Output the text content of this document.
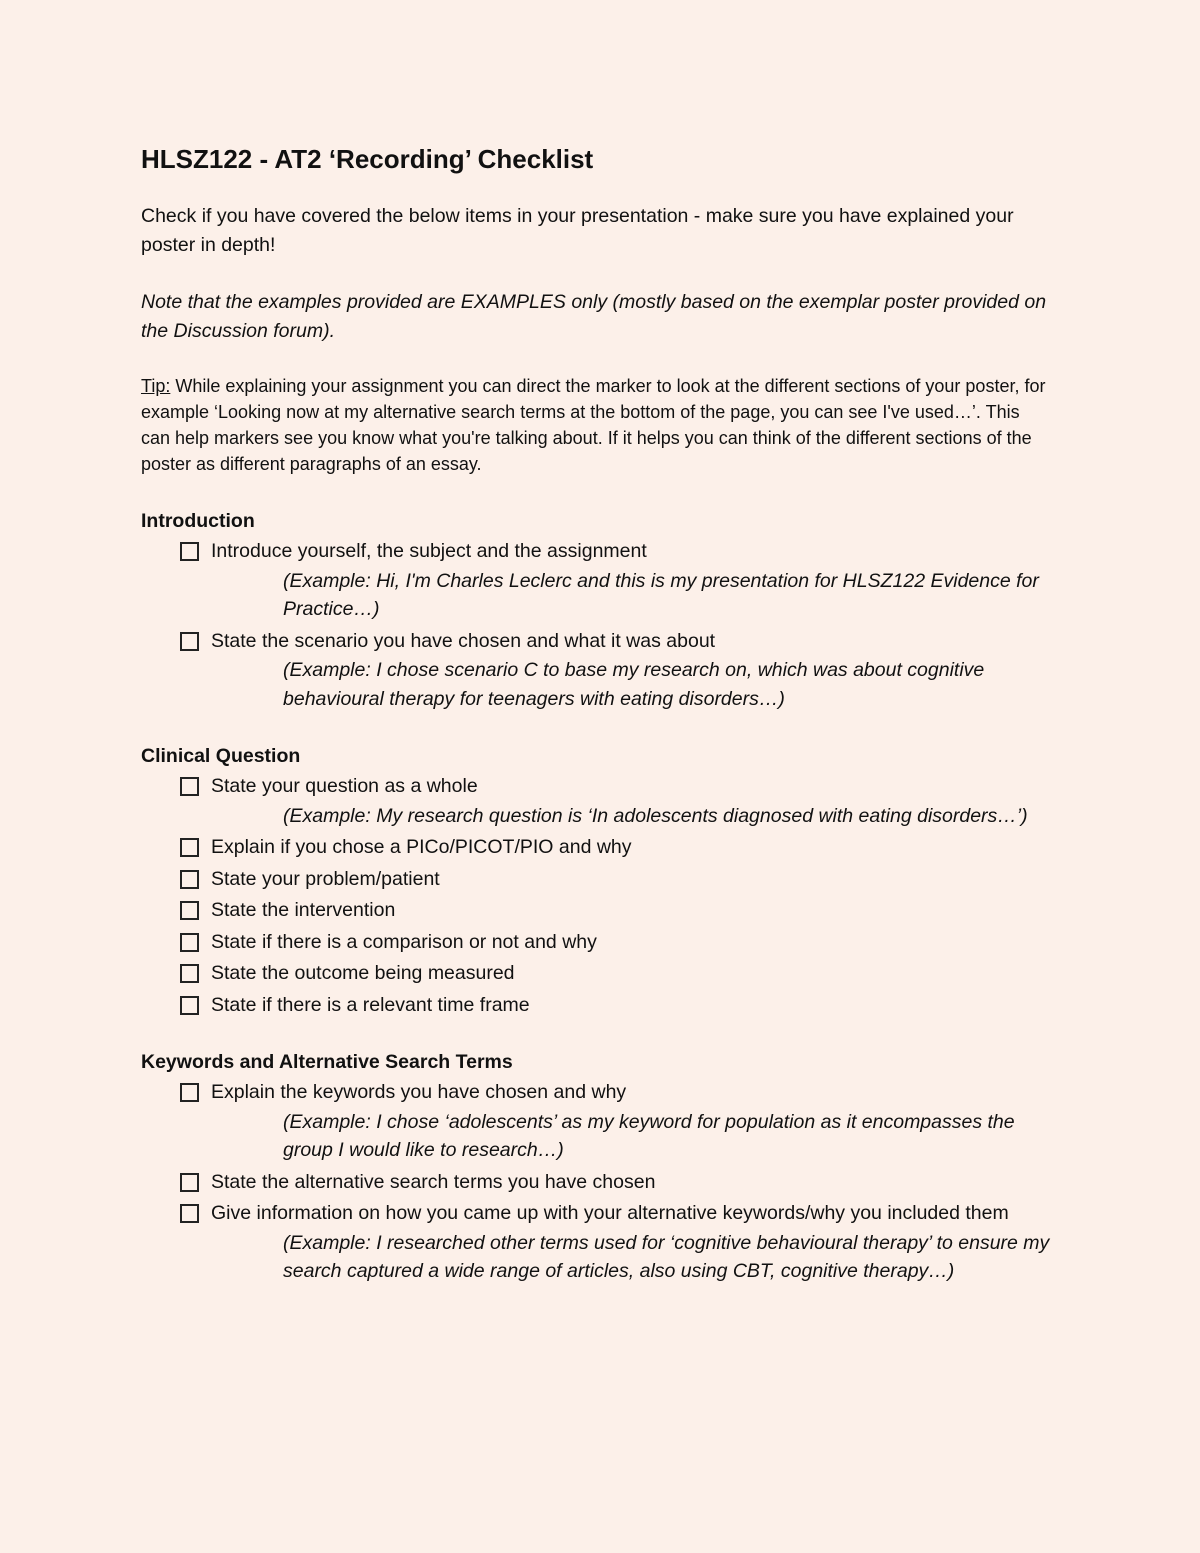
HLSZ122 - AT2 ‘Recording’ Checklist

Check if you have covered the below items in your presentation - make sure you have explained your poster in depth!

Note that the examples provided are EXAMPLES only (mostly based on the exemplar poster provided on the Discussion forum).

Tip: While explaining your assignment you can direct the marker to look at the different sections of your poster, for example ‘Looking now at my alternative search terms at the bottom of the page, you can see I've used…’. This can help markers see you know what you're talking about. If it helps you can think of the different sections of the poster as different paragraphs of an essay.

Introduction
Introduce yourself, the subject and the assignment
(Example: Hi, I'm Charles Leclerc and this is my presentation for HLSZ122 Evidence for Practice…)
State the scenario you have chosen and what it was about
(Example: I chose scenario C to base my research on, which was about cognitive behavioural therapy for teenagers with eating disorders…)
Clinical Question
State your question as a whole
(Example: My research question is ‘In adolescents diagnosed with eating disorders…’)
Explain if you chose a PICo/PICOT/PIO and why
State your problem/patient
State the intervention
State if there is a comparison or not and why
State the outcome being measured
State if there is a relevant time frame
Keywords and Alternative Search Terms
Explain the keywords you have chosen and why
(Example: I chose ‘adolescents’ as my keyword for population as it encompasses the group I would like to research…)
State the alternative search terms you have chosen
Give information on how you came up with your alternative keywords/why you included them
(Example: I researched other terms used for ‘cognitive behavioural therapy’ to ensure my search captured a wide range of articles, also using CBT, cognitive therapy…)
